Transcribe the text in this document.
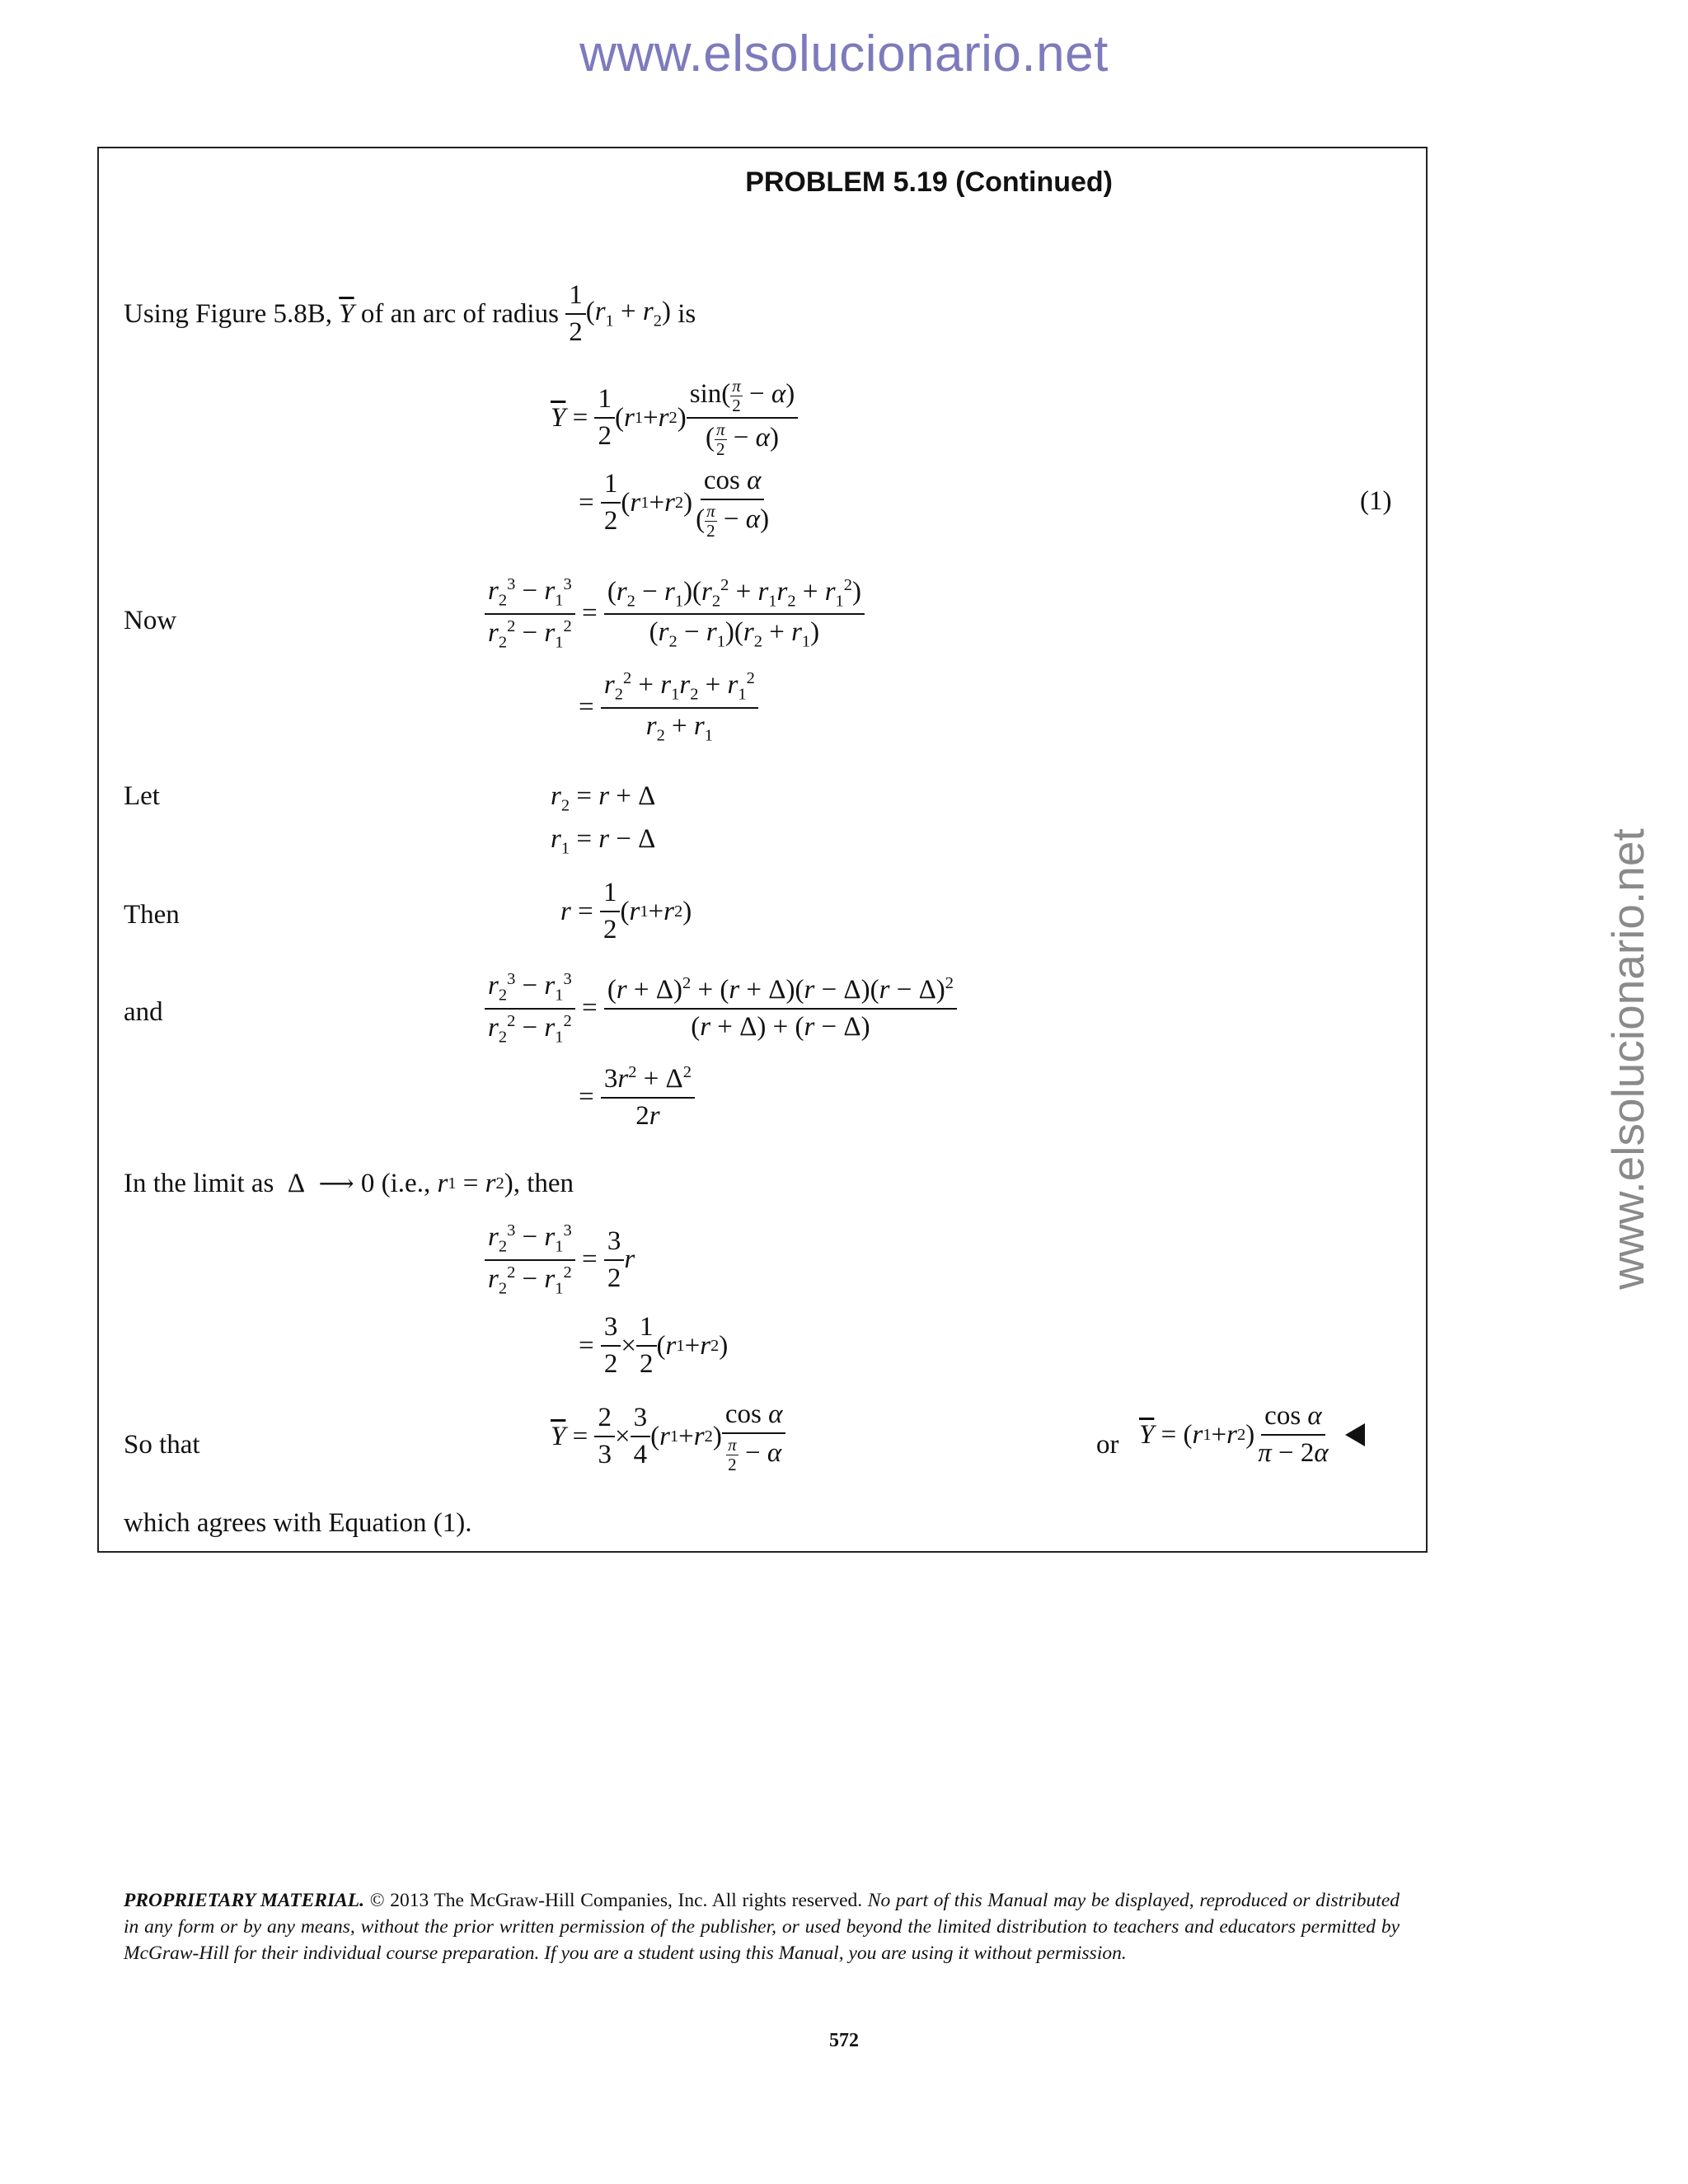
www.elsolucionario.net
www.elsolucionario.net
PROBLEM 5.19 (Continued)
Using Figure 5.8B,
$\overline{Y}$
of an arc of radius
$\frac{1}{2} (r_1 + r_2)$
is
$\overline{Y} = \frac{1}{2}$ ( r 1 + r 2 ) $\frac{\sin( \frac{\pi}{2} - \alpha)}{( \frac{\pi}{2} - \alpha)}$
= $\frac{1}{2}$ ( r 1 + r 2 ) $\frac{\text{cos α}}{( \frac{\pi}{2} - \alpha)}$	(1)
Now	$\frac{r_2^3 - r_1^3}{r_2^2 - r_1^2} = \frac{(r_2 - r_1)(r_2^2 + r_1r_2 + r_1^2)}{(r_2 - r_1)(r_2 + r_1)}$
= $\frac{r_2^2 + r_1r_2 + r_1^2}{r_2 + r_1}$
Let	$r_2 = r + \Delta$
$r_1 = r - \Delta$
Then	$r = \frac{1}{2}$ ( r 1 + r 2 )
and	$\frac{r_2^3 - r_1^3}{r_2^2 - r_1^2} = \frac{(r + \Delta)^2 + (r + \Delta)(r - \Delta)(r - \Delta)^2}{(r + \Delta) + (r - \Delta)}$
= $\frac{3r^2 + \Delta^2}{2r}$
In the limit as Δ ⟶
0 (i.e.,
r 1 = r 2 ), then
$\frac{r_2^3 - r_1^3}{r_2^2 - r_1^2} = \frac{3}{2}$ r
= $\frac{3}{2} \times \frac{1}{2}$ ( r 1 + r 2 )
So that	$\overline{Y} = \frac{2}{3} \times \frac{3}{4}$ ( r 1 + r 2 ) $\frac{\text{cos α}}{\frac{\pi}{2} - \alpha}$	or $\overline{Y}$ = ( r 1 + r 2 ) $\frac{\text{cos α}}{\pi - 2\alpha}$

which agrees with Equation (1).
PROPRIETARY MATERIAL. © 2013 The McGraw-Hill Companies, Inc. All rights reserved. No part of this Manual may be displayed, reproduced or distributed in any form or by any means, without the prior written permission of the publisher, or used beyond the limited distribution to teachers and educators permitted by McGraw-Hill for their individual course preparation. If you are a student using this Manual, you are using it without permission.
572
